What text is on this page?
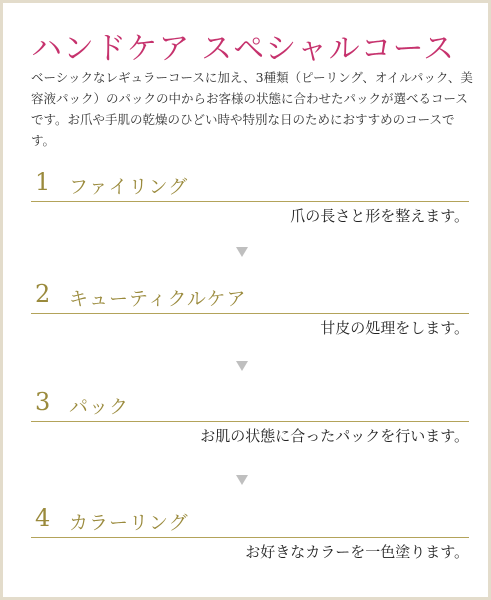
ハンドケア スペシャルコース

ベーシックなレギュラーコースに加え、3種類（ピーリング、オイルパック、美容液パック）のパックの中からお客様の状態に合わせたパックが選べるコースです。お爪や手肌の乾燥のひどい時や特別な日のためにおすすめのコースです。

1 ファイリング
爪の長さと形を整えます。
2 キューティクルケア
甘皮の処理をします。
3 パック
お肌の状態に合ったパックを行います。
4 カラーリング
お好きなカラーを一色塗ります。
